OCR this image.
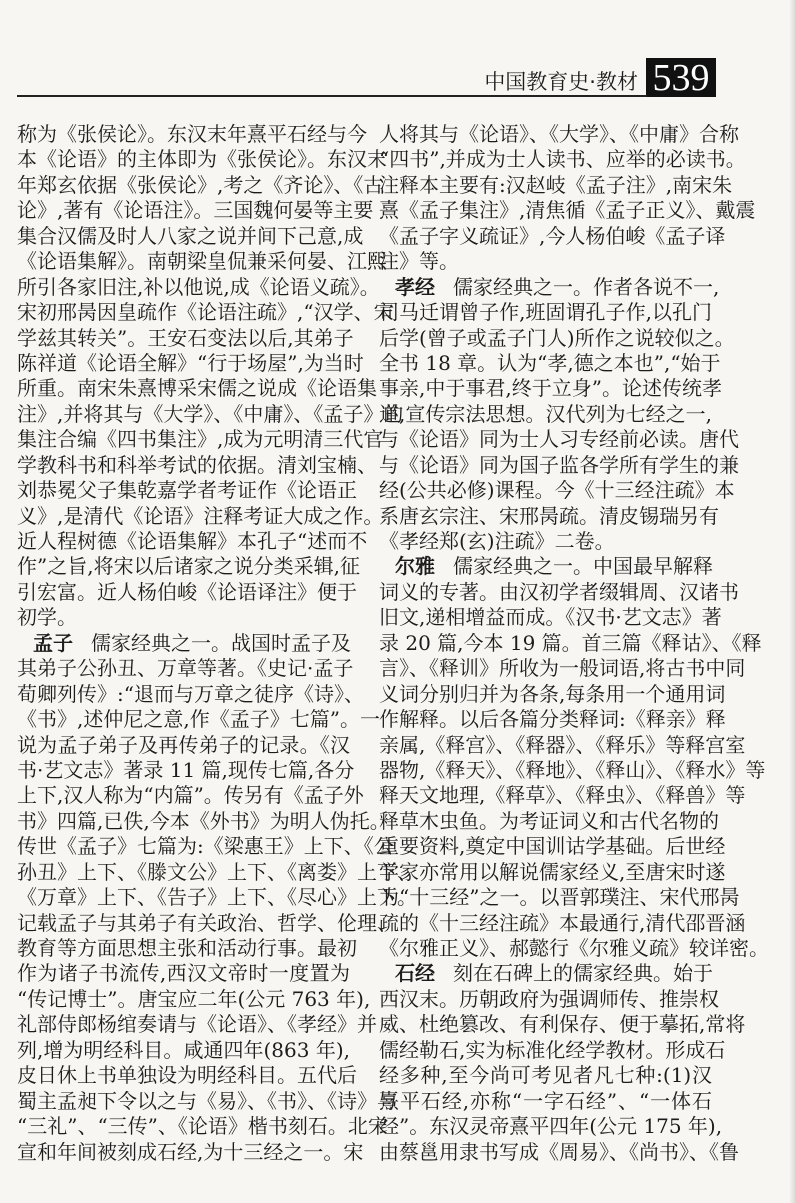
中国教育史·教材 539
称为《张侯论》。东汉末年熹平石经与今
本《论语》的主体即为《张侯论》。东汉末
年郑玄依据《张侯论》,考之《齐论》、《古
论》,著有《论语注》。三国魏何晏等主要
集合汉儒及时人八家之说并间下己意,成
《论语集解》。南朝梁皇侃兼采何晏、江熙
所引各家旧注,补以他说,成《论语义疏》。
宋初邢昺因皇疏作《论语注疏》,“汉学、宋
学兹其转关”。王安石变法以后,其弟子
陈祥道《论语全解》“行于场屋”,为当时
所重。南宋朱熹博采宋儒之说成《论语集
注》,并将其与《大学》、《中庸》、《孟子》的
集注合编《四书集注》,成为元明清三代官
学教科书和科举考试的依据。清刘宝楠、
刘恭冕父子集乾嘉学者考证作《论语正
义》,是清代《论语》注释考证大成之作。
近人程树德《论语集解》本孔子“述而不
作”之旨,将宋以后诸家之说分类采辑,征
引宏富。近人杨伯峻《论语译注》便于
初学。
孟子 儒家经典之一。战国时孟子及
其弟子公孙丑、万章等著。《史记·孟子
荀卿列传》:“退而与万章之徒序《诗》、
《书》,述仲尼之意,作《孟子》七篇”。一
说为孟子弟子及再传弟子的记录。《汉
书·艺文志》著录 11 篇,现传七篇,各分
上下,汉人称为“内篇”。传另有《孟子外
书》四篇,已佚,今本《外书》为明人伪托。
传世《孟子》七篇为:《梁惠王》上下、《公
孙丑》上下、《滕文公》上下、《离娄》上下、
《万章》上下、《告子》上下、《尽心》上下。
记载孟子与其弟子有关政治、哲学、伦理、
教育等方面思想主张和活动行事。最初
作为诸子书流传,西汉文帝时一度置为
“传记博士”。唐宝应二年(公元 763 年),
礼部侍郎杨绾奏请与《论语》、《孝经》并
列,增为明经科目。咸通四年(863 年),
皮日休上书单独设为明经科目。五代后
蜀主孟昶下令以之与《易》、《书》、《诗》与
“三礼”、“三传”、《论语》楷书刻石。北宋
宣和年间被刻成石经,为十三经之一。宋
人将其与《论语》、《大学》、《中庸》合称
“四书”,并成为士人读书、应举的必读书。
注释本主要有:汉赵岐《孟子注》,南宋朱
熹《孟子集注》,清焦循《孟子正义》、戴震
《孟子字义疏证》,今人杨伯峻《孟子译
注》等。
孝经 儒家经典之一。作者各说不一,
司马迁谓曾子作,班固谓孔子作,以孔门
后学(曾子或孟子门人)所作之说较似之。
全书 18 章。认为“孝,德之本也”,“始于
事亲,中于事君,终于立身”。论述传统孝
道,宣传宗法思想。汉代列为七经之一,
与《论语》同为士人习专经前必读。唐代
与《论语》同为国子监各学所有学生的兼
经(公共必修)课程。今《十三经注疏》本
系唐玄宗注、宋邢昺疏。清皮锡瑞另有
《孝经郑(玄)注疏》二卷。
尔雅 儒家经典之一。中国最早解释
词义的专著。由汉初学者缀辑周、汉诸书
旧文,递相增益而成。《汉书·艺文志》著
录 20 篇,今本 19 篇。首三篇《释诂》、《释
言》、《释训》所收为一般词语,将古书中同
义词分别归并为各条,每条用一个通用词
作解释。以后各篇分类释词:《释亲》释
亲属,《释宫》、《释器》、《释乐》等释宫室
器物,《释天》、《释地》、《释山》、《释水》等
释天文地理,《释草》、《释虫》、《释兽》等
释草木虫鱼。为考证词义和古代名物的
重要资料,奠定中国训诂学基础。后世经
学家亦常用以解说儒家经义,至唐宋时遂
为“十三经”之一。以晋郭璞注、宋代邢昺
疏的《十三经注疏》本最通行,清代邵晋涵
《尔雅正义》、郝懿行《尔雅义疏》较详密。
石经 刻在石碑上的儒家经典。始于
西汉末。历朝政府为强调师传、推崇权
威、杜绝篡改、有利保存、便于摹拓,常将
儒经勒石,实为标准化经学教材。形成石
经多种,至今尚可考见者凡七种:(1)汉
熹平石经,亦称“一字石经”、“一体石
经”。东汉灵帝熹平四年(公元 175 年),
由蔡邕用隶书写成《周易》、《尚书》、《鲁
